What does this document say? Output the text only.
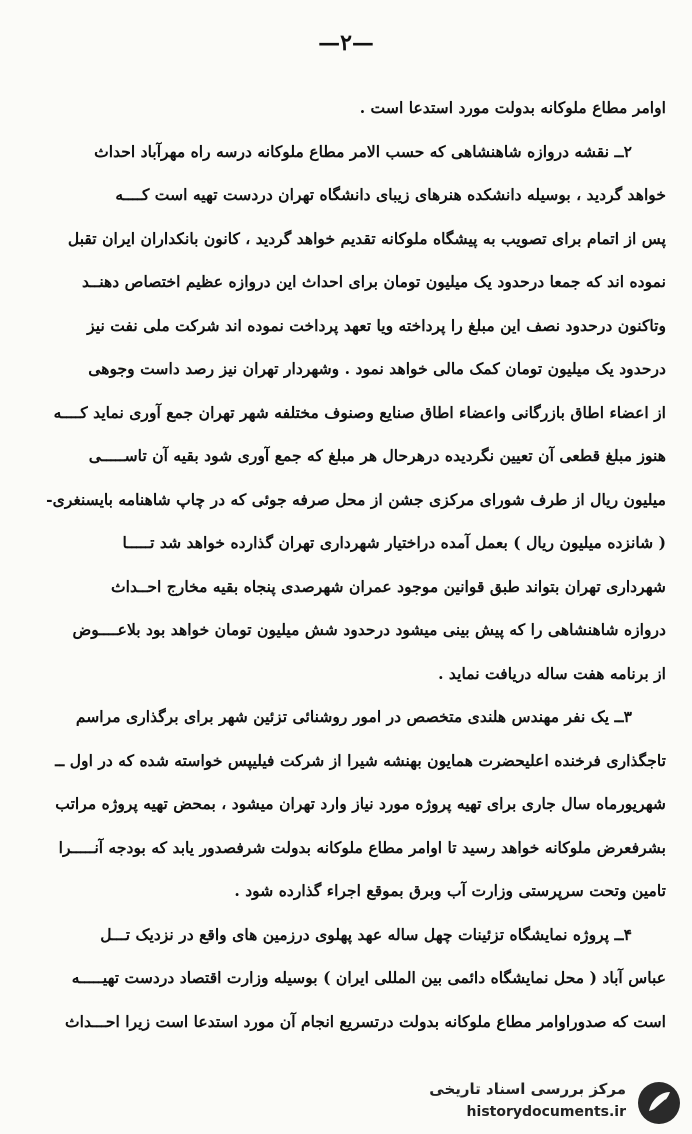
—۲—
اوامر مطاع ملوکانه بدولت مورد استدعا است .
۲ــ نقشه دروازه شاهنشاهی که حسب الامر مطاع ملوکانه درسه راه مهرآباد احداث
خواهد گردید ، بوسیله دانشکده هنرهای زیبای دانشگاه تهران دردست تهیه است کــــه
پس از اتمام برای تصویب به پیشگاه ملوکانه تقدیم خواهد گردید ، کانون بانکداران ایران تقبل
نموده اند که جمعا درحدود یک میلیون تومان برای احداث این دروازه عظیم اختصاص دهنــد
وتاکنون درحدود نصف این مبلغ را پرداخته ویا تعهد پرداخت نموده اند شرکت ملی نفت نیز
درحدود یک میلیون تومان کمک مالی خواهد نمود . وشهردار تهران نیز رصد داست وجوهی
از اعضاء اطاق بازرگانی واعضاء اطاق صنایع وصنوف مختلفه شهر تهران جمع آوری نماید کــــه
هنوز مبلغ قطعی آن تعیین نگردیده درهرحال هر مبلغ که جمع آوری شود بقیه آن تاســـــی
میلیون ریال از طرف شورای مرکزی جشن از محل صرفه جوئی که در چاپ شاهنامه بایسنغری-
( شانزده میلیون ریال ) بعمل آمده دراختیار شهرداری تهران گذارده خواهد شد تـــــا
شهرداری تهران بتواند طبق قوانین موجود عمران شهرصدی پنجاه بقیه مخارج احــداث
دروازه شاهنشاهی را که پیش بینی میشود درحدود شش میلیون تومان خواهد بود بلاعــــوض
از برنامه هفت ساله دریافت نماید .
۳ــ یک نفر مهندس هلندی متخصص در امور روشنائی تزئین شهر برای برگذاری مراسم
تاجگذاری فرخنده اعلیحضرت همایون بهنشه شیرا از شرکت فیلیپس خواسته شده که در اول ــ
شهریورماه سال جاری برای تهیه پروژه مورد نیاز وارد تهران میشود ، بمحض تهیه پروژه مراتب
بشرفعرض ملوکانه خواهد رسید تا اوامر مطاع ملوکانه بدولت شرفصدور یابد که بودجه آنـــــرا
تامین وتحت سرپرستی وزارت آب وبرق بموقع اجراء گذارده شود .
۴ــ پروژه نمایشگاه تزئینات چهل ساله عهد پهلوی درزمین های واقع در نزدیک تـــل
عباس آباد ( محل نمایشگاه دائمی بین المللی ایران ) بوسیله وزارت اقتصاد دردست تهیـــــه
است که صدوراوامر مطاع ملوکانه بدولت درتسریع انجام آن مورد استدعا است زیرا احـــداث
مرکز بررسی اسناد تاریخی
historydocuments.ir
